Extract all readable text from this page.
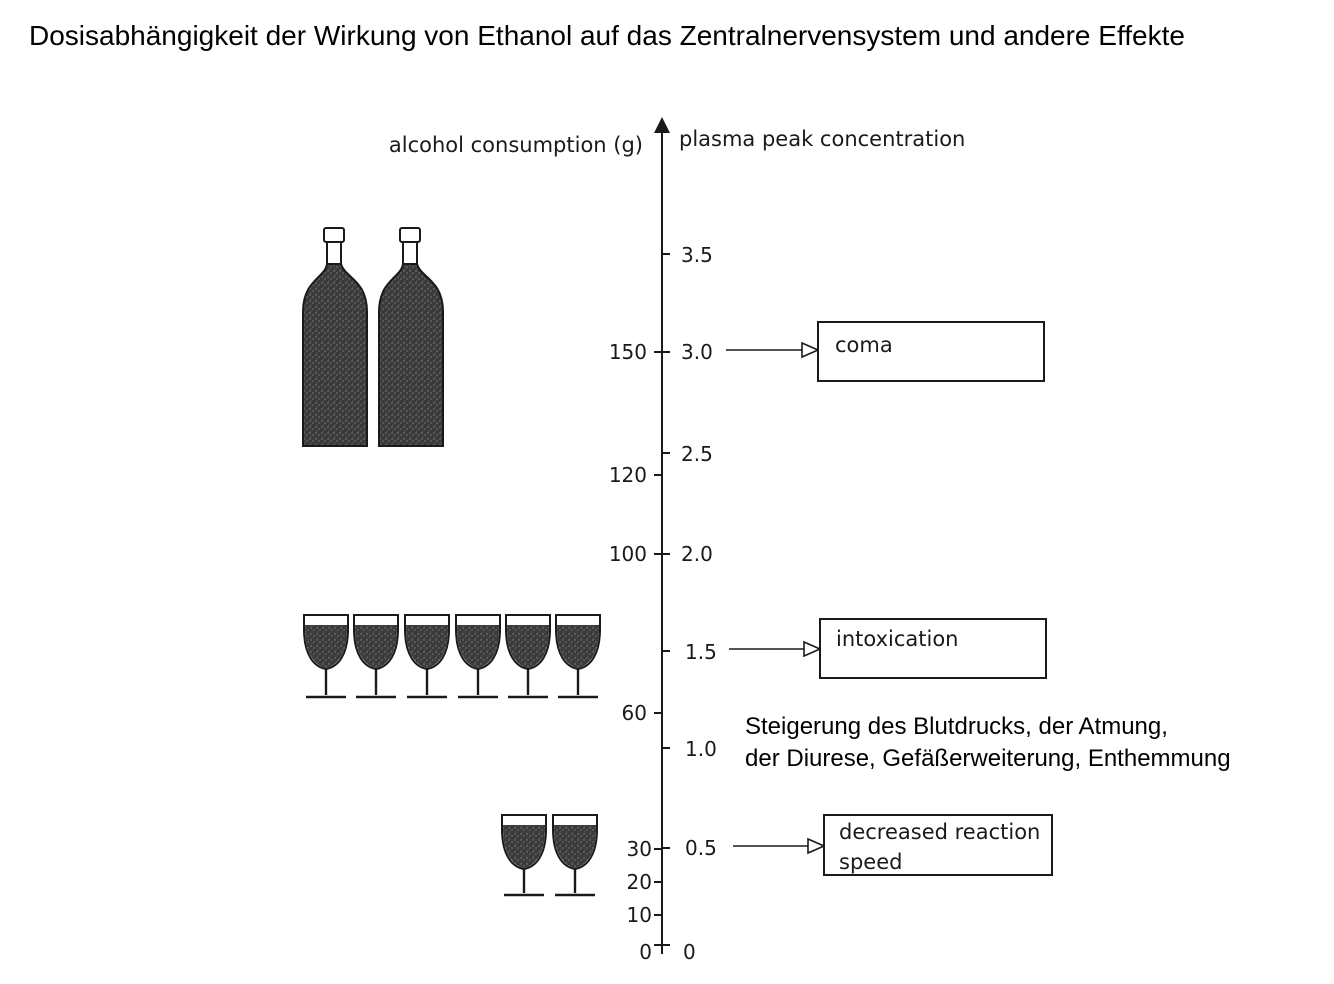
Dosisabhängigkeit der Wirkung von Ethanol auf das Zentralnervensystem und andere Effekte
alcohol consumption (g) plasma peak concentration
150
120
100
60
30
20
10
0
3.5
3.0
2.5
2.0
1.5
1.0
0.5
0
coma
intoxication
decreased reaction
speed
Steigerung des Blutdrucks, der Atmung,
der Diurese, Gefäßerweiterung, Enthemmung
